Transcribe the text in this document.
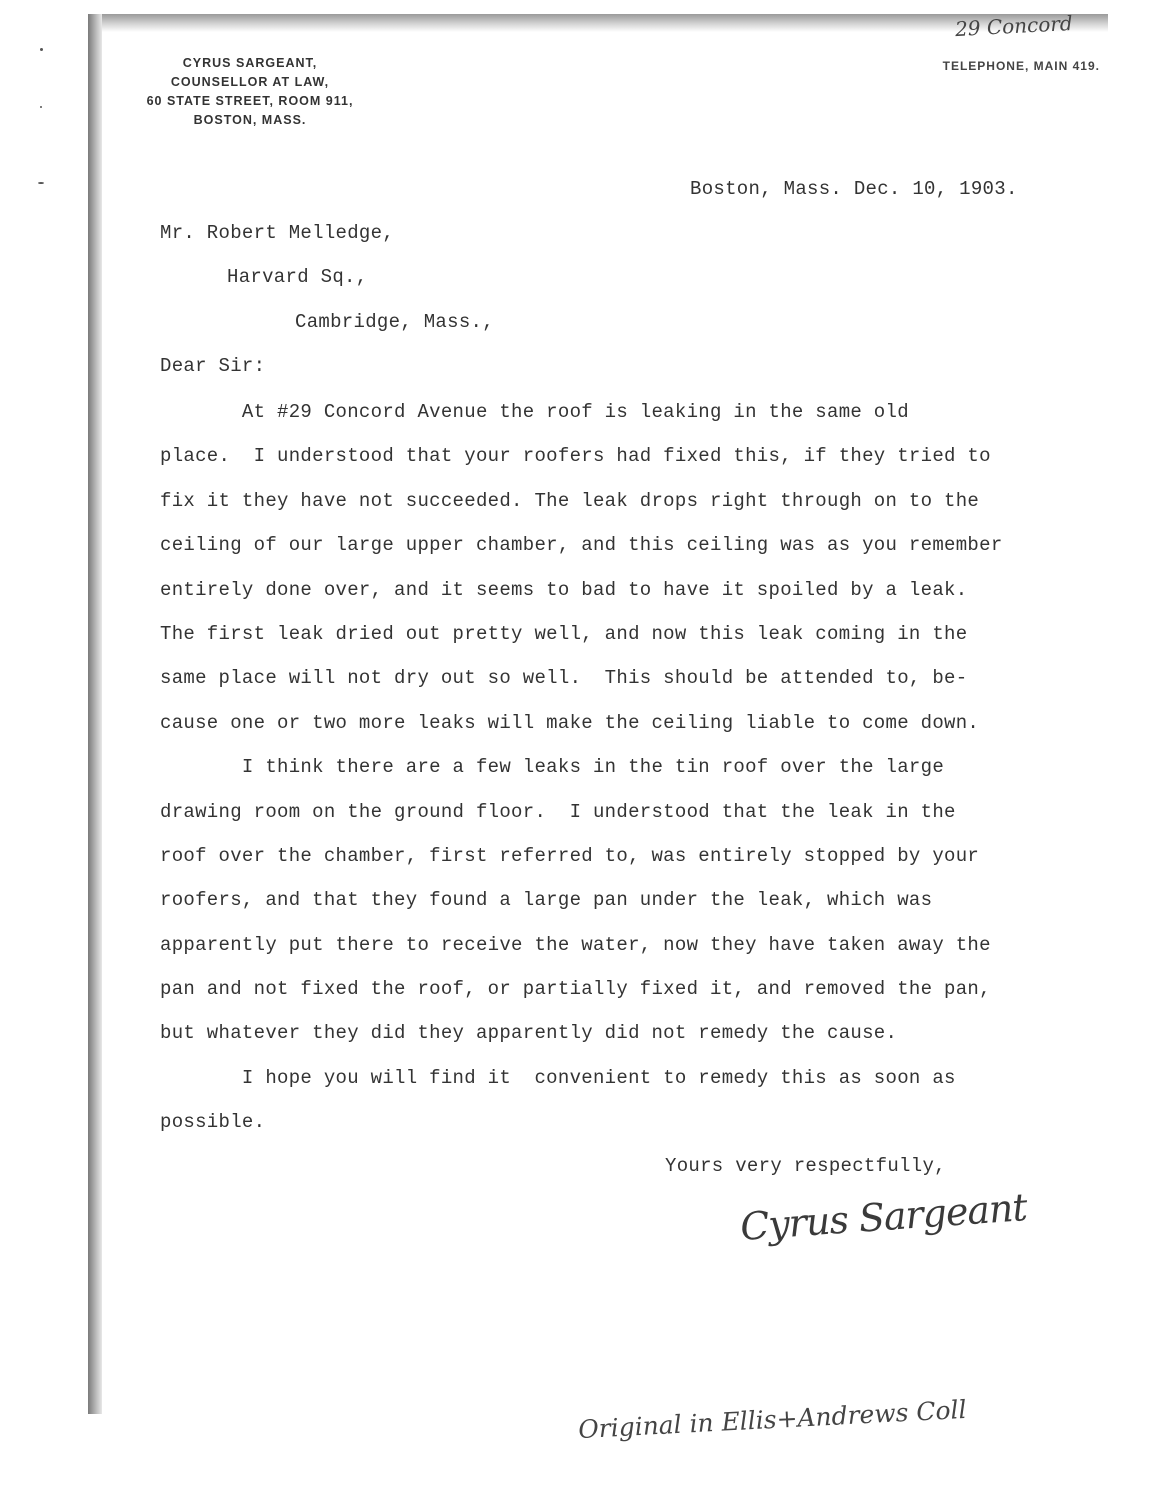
29 Concord
CYRUS SARGEANT,
COUNSELLOR AT LAW,
60 STATE STREET, ROOM 911,
BOSTON, MASS.
TELEPHONE, MAIN 419.
Boston, Mass. Dec. 10, 1903.
Mr. Robert Melledge,
Harvard Sq.,
Cambridge, Mass.,
Dear Sir:
At #29 Concord Avenue the roof is leaking in the same old
place.  I understood that your roofers had fixed this, if they tried to
fix it they have not succeeded. The leak drops right through on to the
ceiling of our large upper chamber, and this ceiling was as you remember
entirely done over, and it seems to bad to have it spoiled by a leak.
The first leak dried out pretty well, and now this leak coming in the
same place will not dry out so well.  This should be attended to, be-
cause one or two more leaks will make the ceiling liable to come down.
I think there are a few leaks in the tin roof over the large
drawing room on the ground floor.  I understood that the leak in the
roof over the chamber, first referred to, was entirely stopped by your
roofers, and that they found a large pan under the leak, which was
apparently put there to receive the water, now they have taken away the
pan and not fixed the roof, or partially fixed it, and removed the pan,
but whatever they did they apparently did not remedy the cause.
I hope you will find it  convenient to remedy this as soon as
possible.
Yours very respectfully,
Cyrus Sargeant
Original in Ellis+Andrews Coll
